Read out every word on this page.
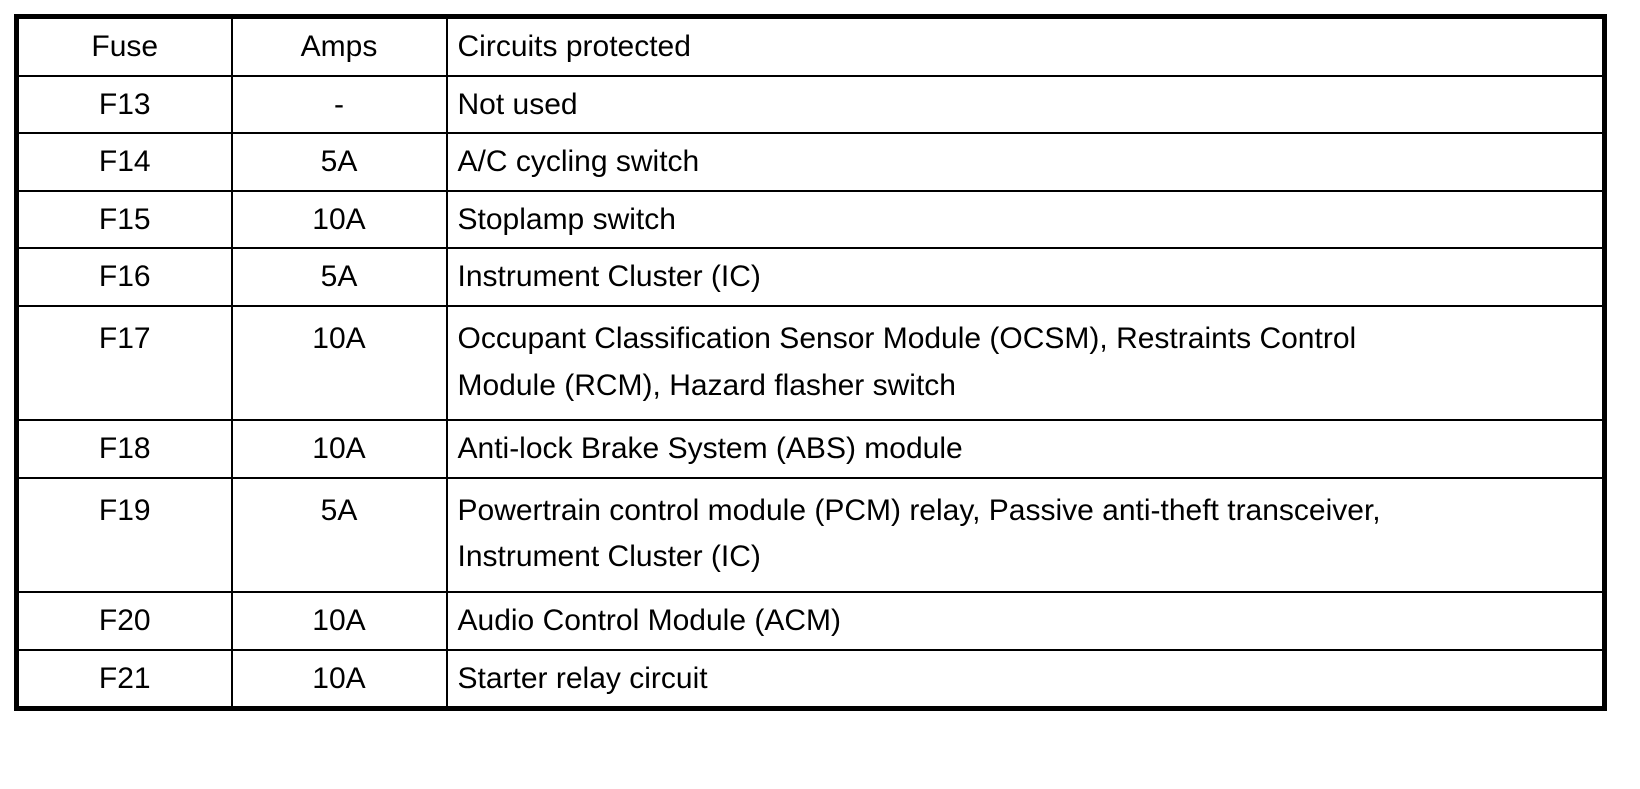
Fuse	Amps	Circuits protected
F13	-	Not used

F14	5A	A/C cycling switch

F15	10A	Stoplamp switch

F16	5A	Instrument Cluster (IC)

F17	10A	Occupant Classification Sensor Module (OCSM), Restraints Control
Module (RCM), Hazard flasher switch

F18	10A	Anti-lock Brake System (ABS) module

F19	5A	Powertrain control module (PCM) relay, Passive anti-theft transceiver,
Instrument Cluster (IC)

F20	10A	Audio Control Module (ACM)

F21	10A	Starter relay circuit
